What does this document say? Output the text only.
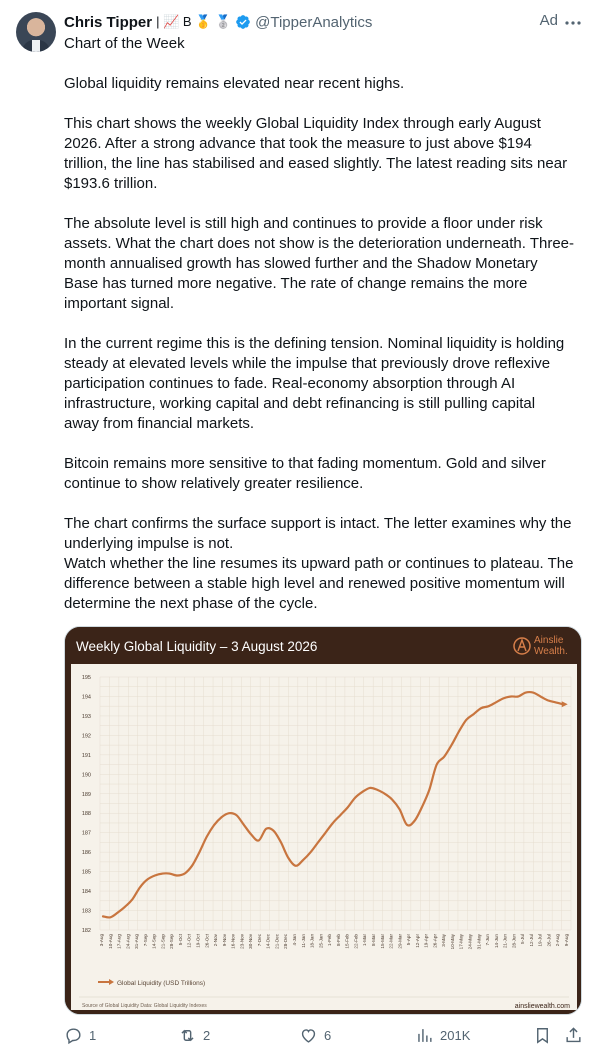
Chris Tipper | 📈 B 🥇 🥈 @TipperAnalytics	Ad
Chart of the Week

Global liquidity remains elevated near recent highs.

This chart shows the weekly Global Liquidity Index through early August 2026. After a strong advance that took the measure to just above $194 trillion, the line has stabilised and eased slightly. The latest reading sits near $193.6 trillion.

The absolute level is still high and continues to provide a floor under risk assets. What the chart does not show is the deterioration underneath. Three-month annualised growth has slowed further and the Shadow Monetary Base has turned more negative. The rate of change remains the more important signal.

In the current regime this is the defining tension. Nominal liquidity is holding steady at elevated levels while the impulse that previously drove reflexive participation continues to fade. Real-economy absorption through AI infrastructure, working capital and debt refinancing is still pulling capital away from financial markets.

Bitcoin remains more sensitive to that fading momentum. Gold and silver continue to show relatively greater resilience.

The chart confirms the surface support is intact. The letter examines why the underlying impulse is not.
Watch whether the line resumes its upward path or continues to plateau. The difference between a stable high level and renewed positive momentum will determine the next phase of the cycle.

Weekly Global Liquidity – 3 August 2026	Ainslie
Wealth.
182
183
184
185
186
187
188
189
190
191
192
193
194
195
3-Aug 10-Aug 17-Aug 24-Aug 31-Aug 7-Sep 14-Sep 21-Sep 28-Sep 5-Oct 12-Oct 19-Oct 26-Oct 2-Nov 9-Nov 16-Nov 23-Nov 30-Nov 7-Dec 14-Dec 21-Dec 28-Dec 4-Jan 11-Jan 18-Jan 25-Jan 1-Feb 8-Feb 15-Feb 22-Feb 1-Mar 8-Mar 15-Mar 22-Mar 29-Mar 5-Apr 12-Apr 19-Apr 26-Apr 3-May 10-May 17-May 24-May 31-May 7-Jun 14-Jun 21-Jun 28-Jun 5-Jul 12-Jul 19-Jul 26-Jul 2-Aug 9-Aug
Global Liquidity (USD Trillions)
Source of Global Liquidity Data: Global Liquidity Indexes	ainsliewealth.com
1	2	6	201K
